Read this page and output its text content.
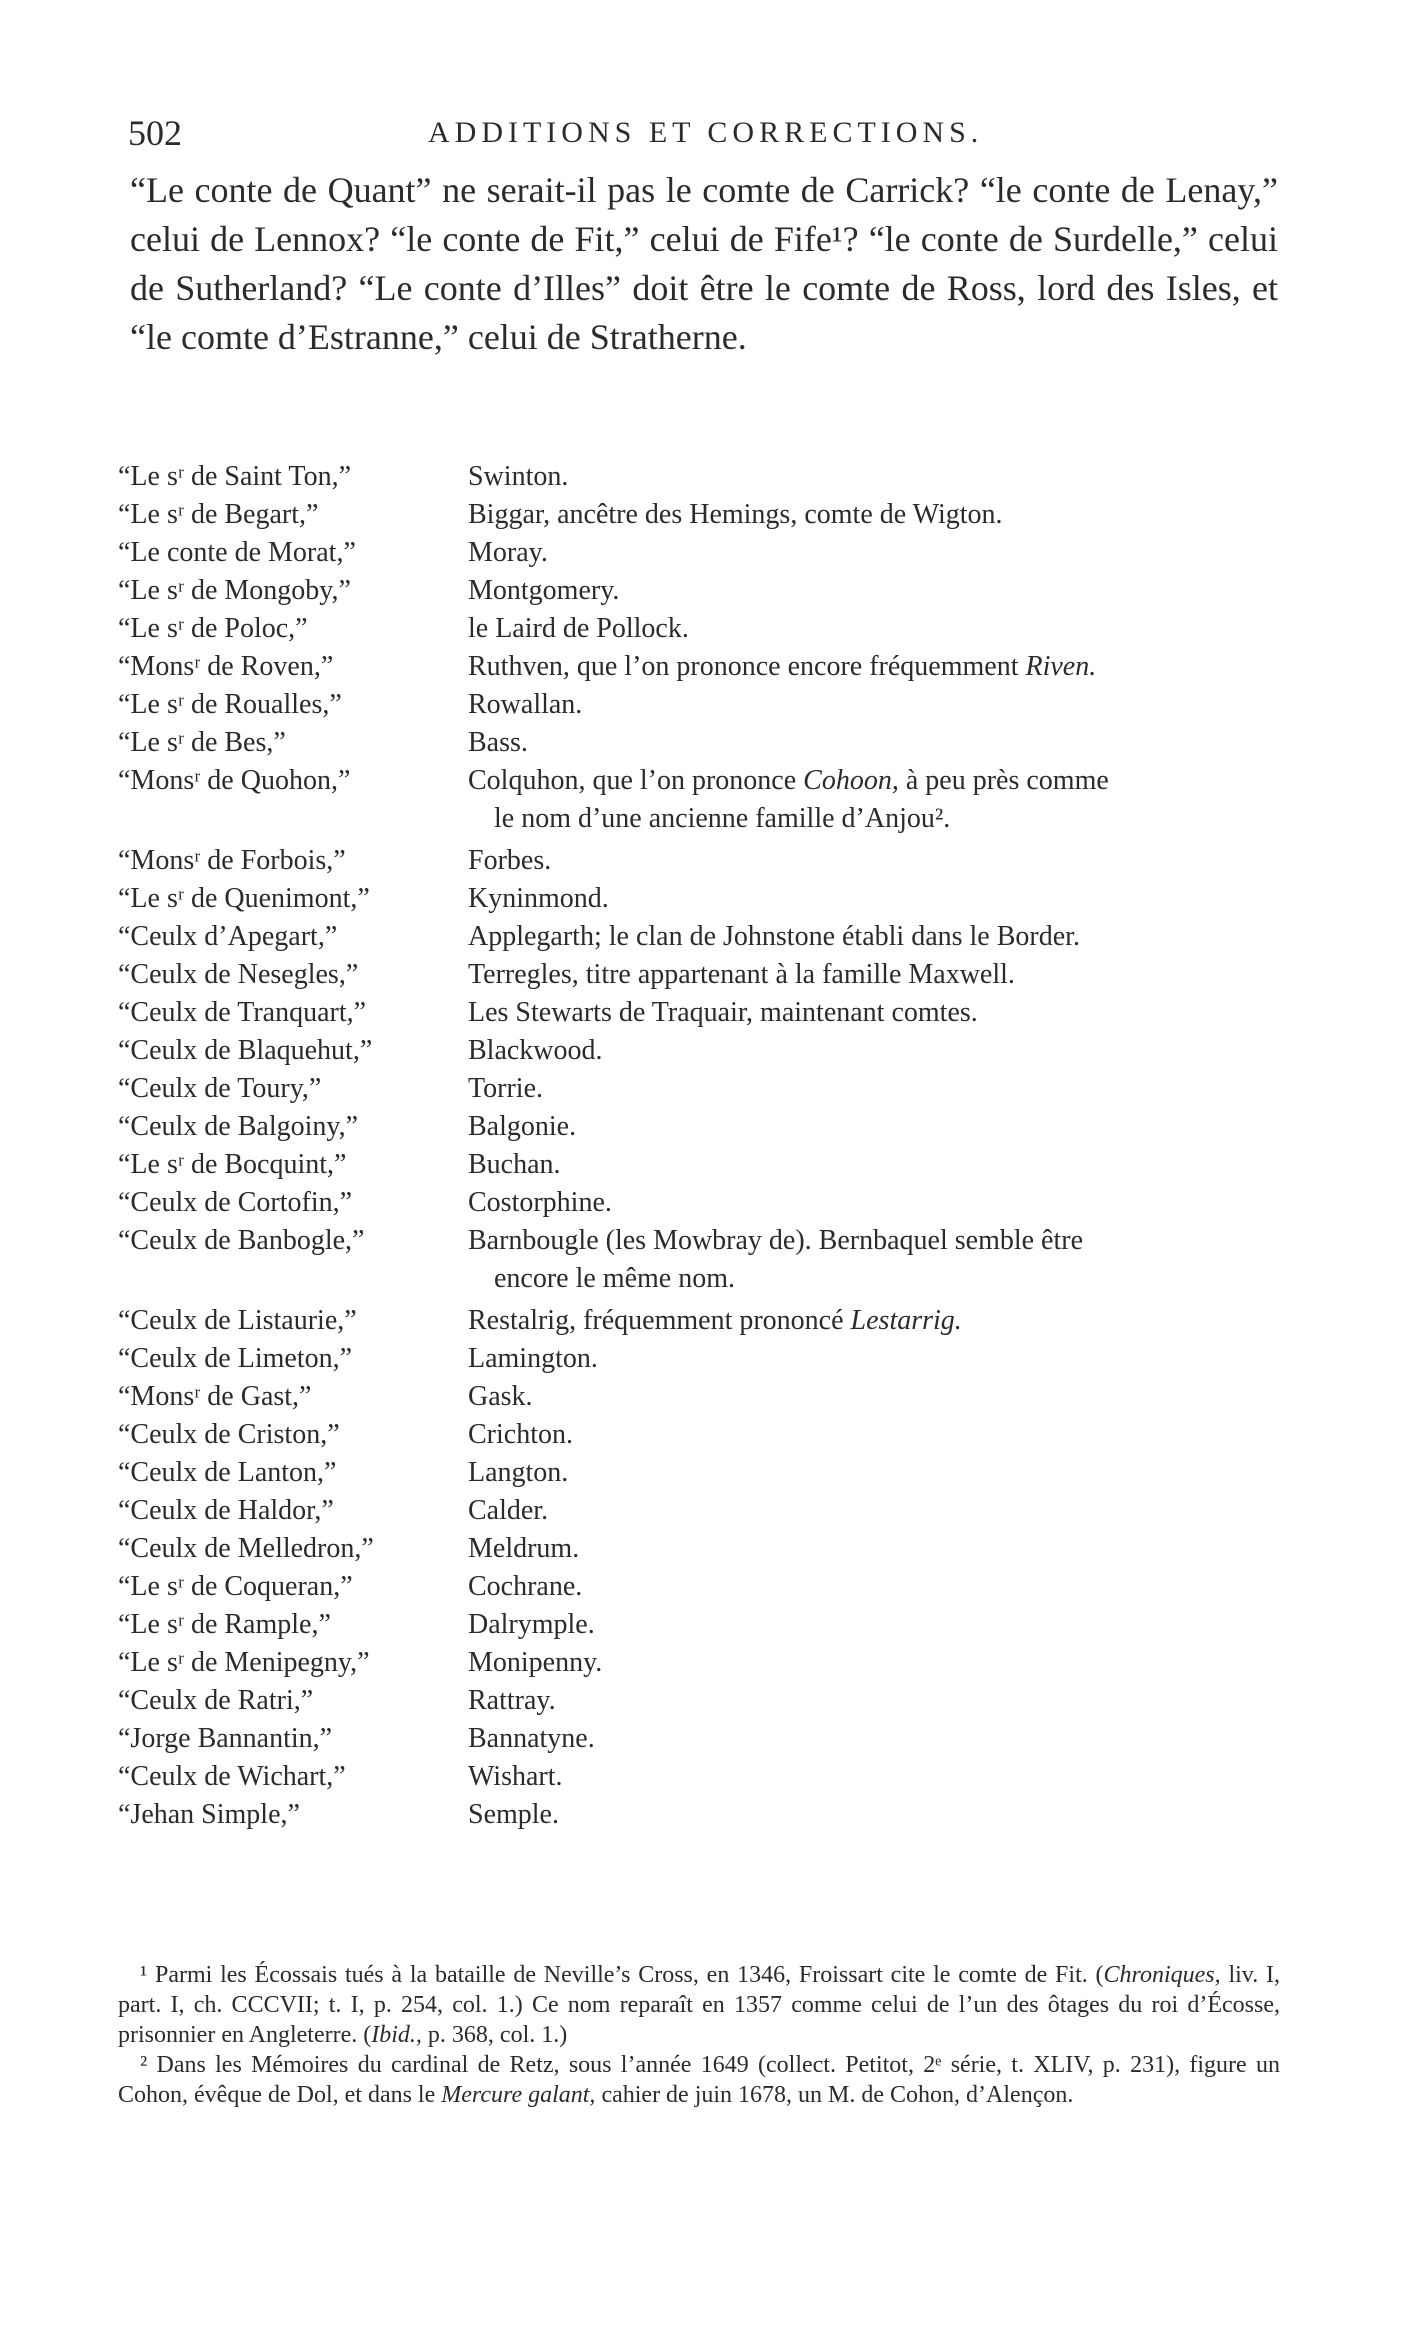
502	ADDITIONS ET CORRECTIONS.

“Le conte de Quant” ne serait-il pas le comte de Carrick? “le conte de Lenay,” celui de Lennox? “le conte de Fit,” celui de Fife¹? “le conte de Surdelle,” celui de Sutherland? “Le conte d’Illes” doit être le comte de Ross, lord des Isles, et “le comte d’Estranne,” celui de Stratherne.

“Le sʳ de Saint Ton,”	Swinton.
“Le sʳ de Begart,”	Biggar, ancêtre des Hemings, comte de Wigton.
“Le conte de Morat,”	Moray.
“Le sʳ de Mongoby,”	Montgomery.
“Le sʳ de Poloc,”	le Laird de Pollock.
“Monsʳ de Roven,”	Ruthven, que l’on prononce encore fréquemment Riven.
“Le sʳ de Roualles,”	Rowallan.
“Le sʳ de Bes,”	Bass.
“Monsʳ de Quohon,”	Colquhon, que l’on prononce Cohoon, à peu près comme
le nom d’une ancienne famille d’Anjou².
“Monsʳ de Forbois,”	Forbes.
“Le sʳ de Quenimont,”	Kyninmond.
“Ceulx d’Apegart,”	Applegarth; le clan de Johnstone établi dans le Border.
“Ceulx de Nesegles,”	Terregles, titre appartenant à la famille Maxwell.
“Ceulx de Tranquart,”	Les Stewarts de Traquair, maintenant comtes.
“Ceulx de Blaquehut,”	Blackwood.
“Ceulx de Toury,”	Torrie.
“Ceulx de Balgoiny,”	Balgonie.
“Le sʳ de Bocquint,”	Buchan.
“Ceulx de Cortofin,”	Costorphine.
“Ceulx de Banbogle,”	Barnbougle (les Mowbray de). Bernbaquel semble être
encore le même nom.
“Ceulx de Listaurie,”	Restalrig, fréquemment prononcé Lestarrig.
“Ceulx de Limeton,”	Lamington.
“Monsʳ de Gast,”	Gask.
“Ceulx de Criston,”	Crichton.
“Ceulx de Lanton,”	Langton.
“Ceulx de Haldor,”	Calder.
“Ceulx de Melledron,”	Meldrum.
“Le sʳ de Coqueran,”	Cochrane.
“Le sʳ de Rample,”	Dalrymple.
“Le sʳ de Menipegny,”	Monipenny.
“Ceulx de Ratri,”	Rattray.
“Jorge Bannantin,”	Bannatyne.
“Ceulx de Wichart,”	Wishart.
“Jehan Simple,”	Semple.

¹ Parmi les Écossais tués à la bataille de Neville’s Cross, en 1346, Froissart cite le comte de Fit. (Chroniques, liv. I, part. I, ch. CCCVII; t. I, p. 254, col. 1.) Ce nom reparaît en 1357 comme celui de l’un des ôtages du roi d’Écosse, prisonnier en Angleterre. (Ibid., p. 368, col. 1.)

² Dans les Mémoires du cardinal de Retz, sous l’année 1649 (collect. Petitot, 2ᵉ série, t. XLIV, p. 231), figure un Cohon, évêque de Dol, et dans le Mercure galant, cahier de juin 1678, un M. de Cohon, d’Alençon.
